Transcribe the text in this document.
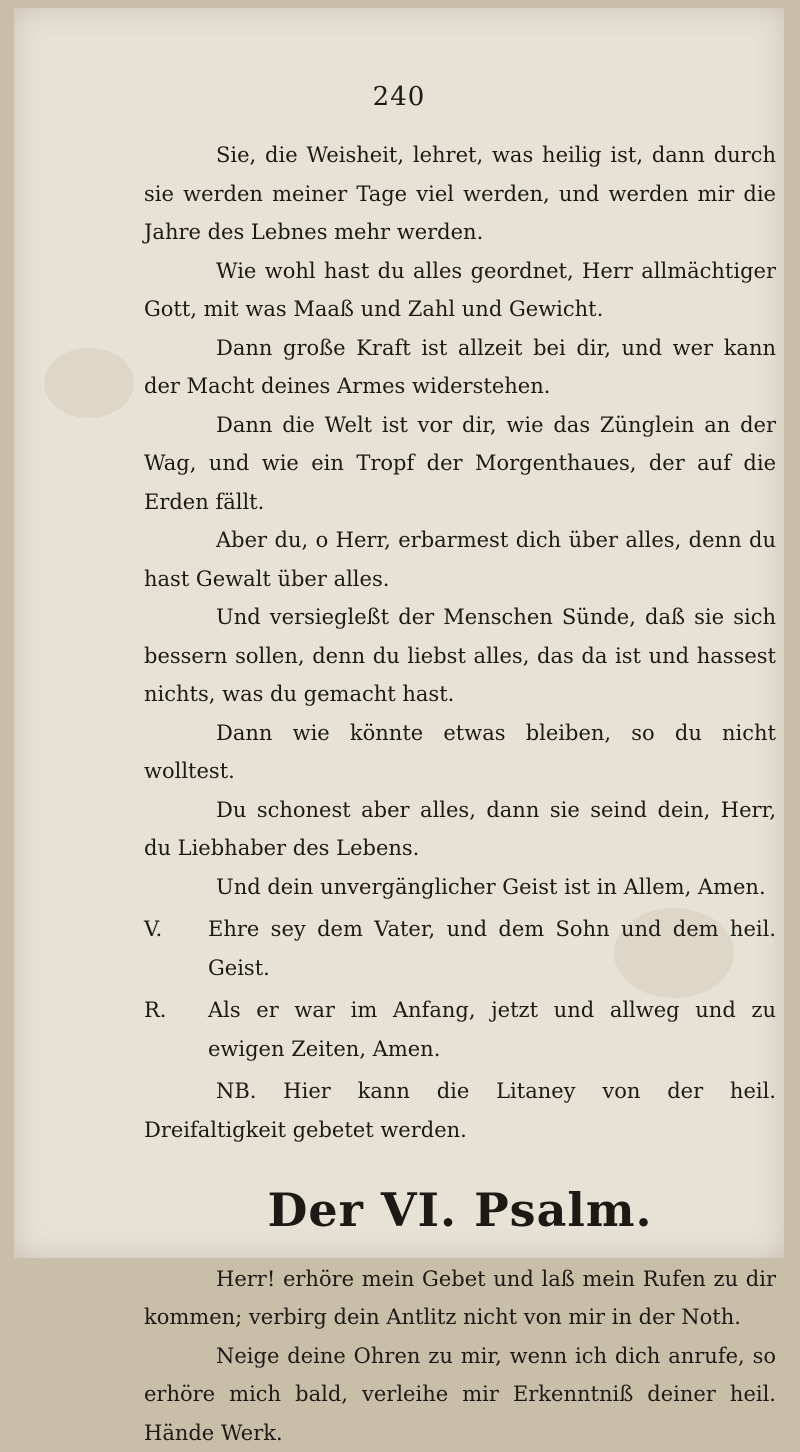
240

Sie, die Weisheit, lehret, was heilig ist, dann durch sie werden meiner Tage viel werden, und werden mir die Jahre des Lebnes mehr werden.

Wie wohl hast du alles geordnet, Herr allmächtiger Gott, mit was Maaß und Zahl und Gewicht.

Dann große Kraft ist allzeit bei dir, und wer kann der Macht deines Armes widerstehen.

Dann die Welt ist vor dir, wie das Zünglein an der Wag, und wie ein Tropf der Morgenthaues, der auf die Erden fällt.

Aber du, o Herr, erbarmest dich über alles, denn du hast Gewalt über alles.

Und versiegleßt der Menschen Sünde, daß sie sich bessern sollen, denn du liebst alles, das da ist und hassest nichts, was du gemacht hast.

Dann wie könnte etwas bleiben, so du nicht wolltest.

Du schonest aber alles, dann sie seind dein, Herr, du Liebhaber des Lebens.

Und dein unvergänglicher Geist ist in Allem, Amen.

V. Ehre sey dem Vater, und dem Sohn und dem heil. Geist.

R. Als er war im Anfang, jetzt und allweg und zu ewigen Zeiten, Amen.

NB. Hier kann die Litaney von der heil. Dreifaltigkeit gebetet werden.

Der VI. Psalm.

Herr! erhöre mein Gebet und laß mein Rufen zu dir kommen; verbirg dein Antlitz nicht von mir in der Noth.

Neige deine Ohren zu mir, wenn ich dich anrufe, so erhöre mich bald, verleihe mir Erkenntniß deiner heil. Hände Werk.
